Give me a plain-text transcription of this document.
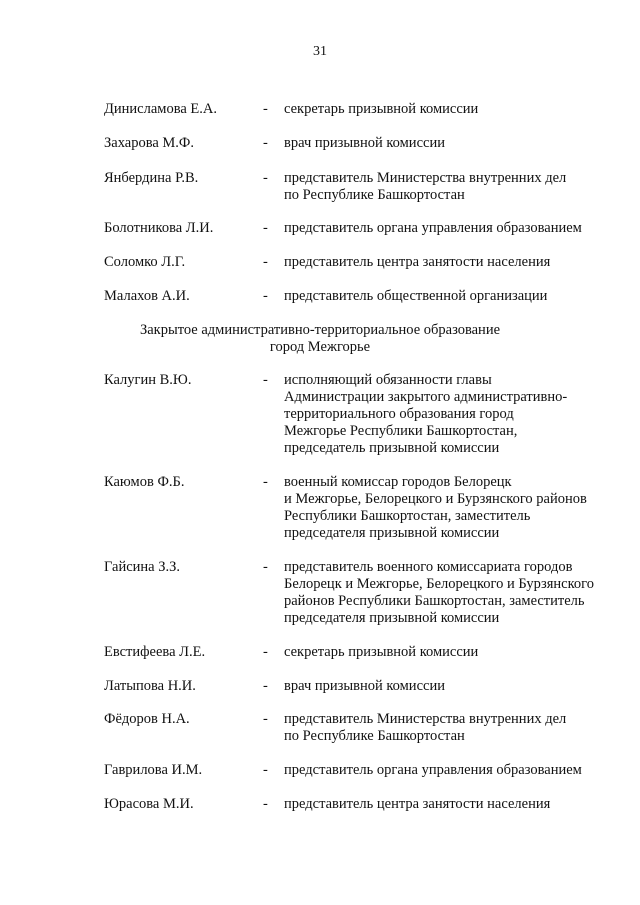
31
Динисламова Е.А.	- секретарь призывной комиссии
Захарова М.Ф.	- врач призывной комиссии
Янбердина Р.В.	- представитель Министерства внутренних дел
по Республике Башкортостан
Болотникова Л.И.	- представитель органа управления образованием
Соломко Л.Г.	- представитель центра занятости населения
Малахов А.И.	- представитель общественной организации
Закрытое административно-территориальное образование
город Межгорье
Калугин В.Ю.	- исполняющий обязанности главы
Администрации закрытого административно-
территориального образования город
Межгорье Республики Башкортостан,
председатель призывной комиссии
Каюмов Ф.Б.	- военный комиссар городов Белорецк
и Межгорье, Белорецкого и Бурзянского районов
Республики Башкортостан, заместитель
председателя призывной комиссии
Гайсина З.З.	- представитель военного комиссариата городов
Белорецк и Межгорье, Белорецкого и Бурзянского
районов Республики Башкортостан, заместитель
председателя призывной комиссии
Евстифеева Л.Е.	- секретарь призывной комиссии
Латыпова Н.И.	- врач призывной комиссии
Фёдоров Н.А.	- представитель Министерства внутренних дел
по Республике Башкортостан
Гаврилова И.М.	- представитель органа управления образованием
Юрасова М.И.	- представитель центра занятости населения
